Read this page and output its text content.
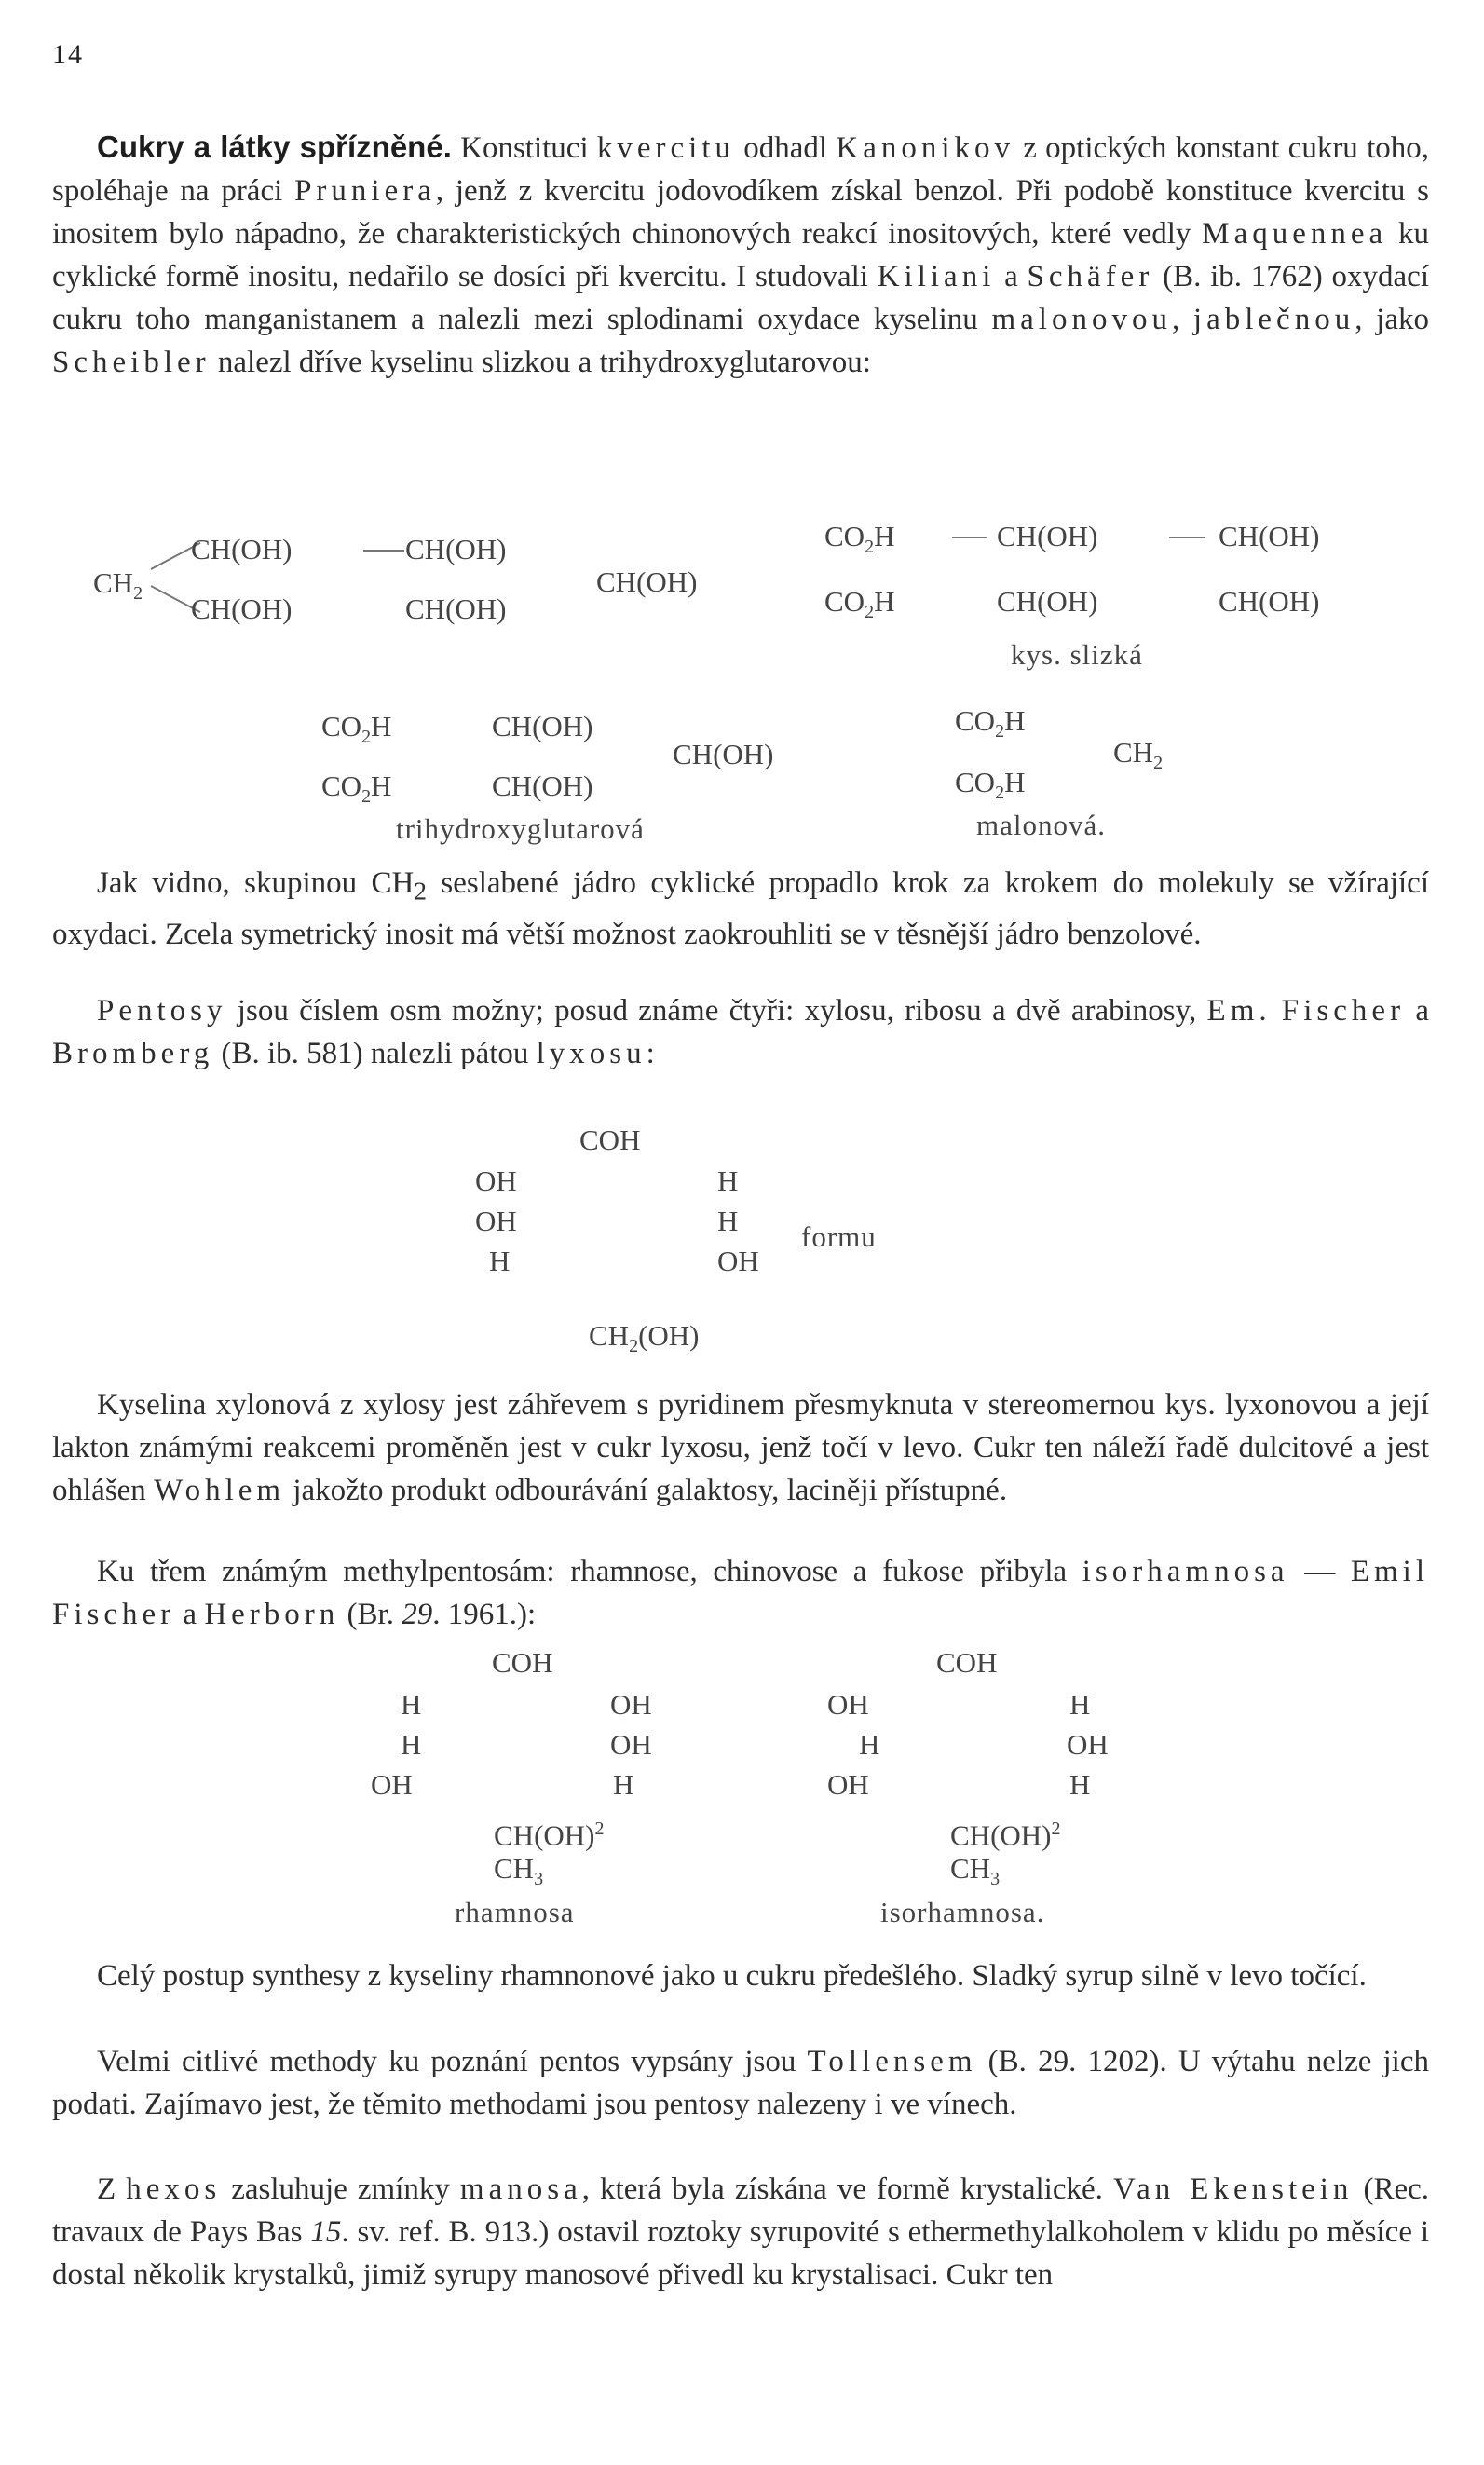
14

Cukry a látky spřízněné. Konstituci kvercitu odhadl Kanonikov z optických konstant cukru toho, spoléhaje na práci Pruniera, jenž z kvercitu jodovodíkem získal benzol. Při podobě konstituce kvercitu s inositem bylo nápadno, že charakteristických chinonových reakcí inositových, které vedly Maquennea ku cyklické formě inositu, nedařilo se dosíci při kvercitu. I studovali Kiliani a Schäfer (B. ib. 1762) oxydací cukru toho manganistanem a nalezli mezi splodinami oxydace kyselinu malonovou, jablečnou, jako Scheibler nalezl dříve kyselinu slizkou a trihydroxyglutarovou:

$CH_2$
CH(OH)	CH(OH)
CH(OH)
CH(OH)	CH(OH)
$CO_2H$	CH(OH)	CH(OH)
$CO_2H$	CH(OH)	CH(OH)
kys. slizká
$CO_2H$	CH(OH)
CH(OH)
$CO_2H$	CH(OH)
trihydroxyglutarová
$CO_2H$
$CH_2$
$CO_2H$
malonová.

Jak vidno, skupinou $CH_2$ seslabené jádro cyklické propadlo krok za krokem do molekuly se vžírající oxydaci. Zcela symetrický inosit má větší možnost zaokrouhliti se v těsnější jádro benzolové.

Pentosy jsou číslem osm možny; posud známe čtyři: xylosu, ribosu a dvě arabinosy, Em. Fischer a Bromberg (B. ib. 581) nalezli pátou lyxosu:

COH
OH	H
OH	H formu
H	OH
$CH_2(OH)$

Kyselina xylonová z xylosy jest záhřevem s pyridinem přesmyknuta v stereomernou kys. lyxonovou a její lakton známými reakcemi proměněn jest v cukr lyxosu, jenž točí v levo. Cukr ten náleží řadě dulcitové a jest ohlášen Wohlem jakožto produkt odbourávání galaktosy, laciněji přístupné.

Ku třem známým methylpentosám: rhamnose, chinovose a fukose přibyla isorhamnosa — Emil Fischer a Herborn (Br. 29. 1961.):

COH
H	OH
H	OH
OH	H
CH(OH)$^2$
$CH_3$
rhamnosa
COH
OH	H
H	OH
OH	H
CH(OH)$^2$
$CH_3$
isorhamnosa.

Celý postup synthesy z kyseliny rhamnonové jako u cukru předešlého. Sladký syrup silně v levo točící.

Velmi citlivé methody ku poznání pentos vypsány jsou Tollensem (B. 29. 1202). U výtahu nelze jich podati. Zajímavo jest, že těmito methodami jsou pentosy nalezeny i ve vínech.

Z hexos zasluhuje zmínky manosa, která byla získána ve formě krystalické. Van Ekenstein (Rec. travaux de Pays Bas 15. sv. ref. B. 913.) ostavil roztoky syrupovité s ethermethylalkoholem v klidu po měsíce i dostal několik krystalků, jimiž syrupy manosové přivedl ku krystalisaci. Cukr ten
